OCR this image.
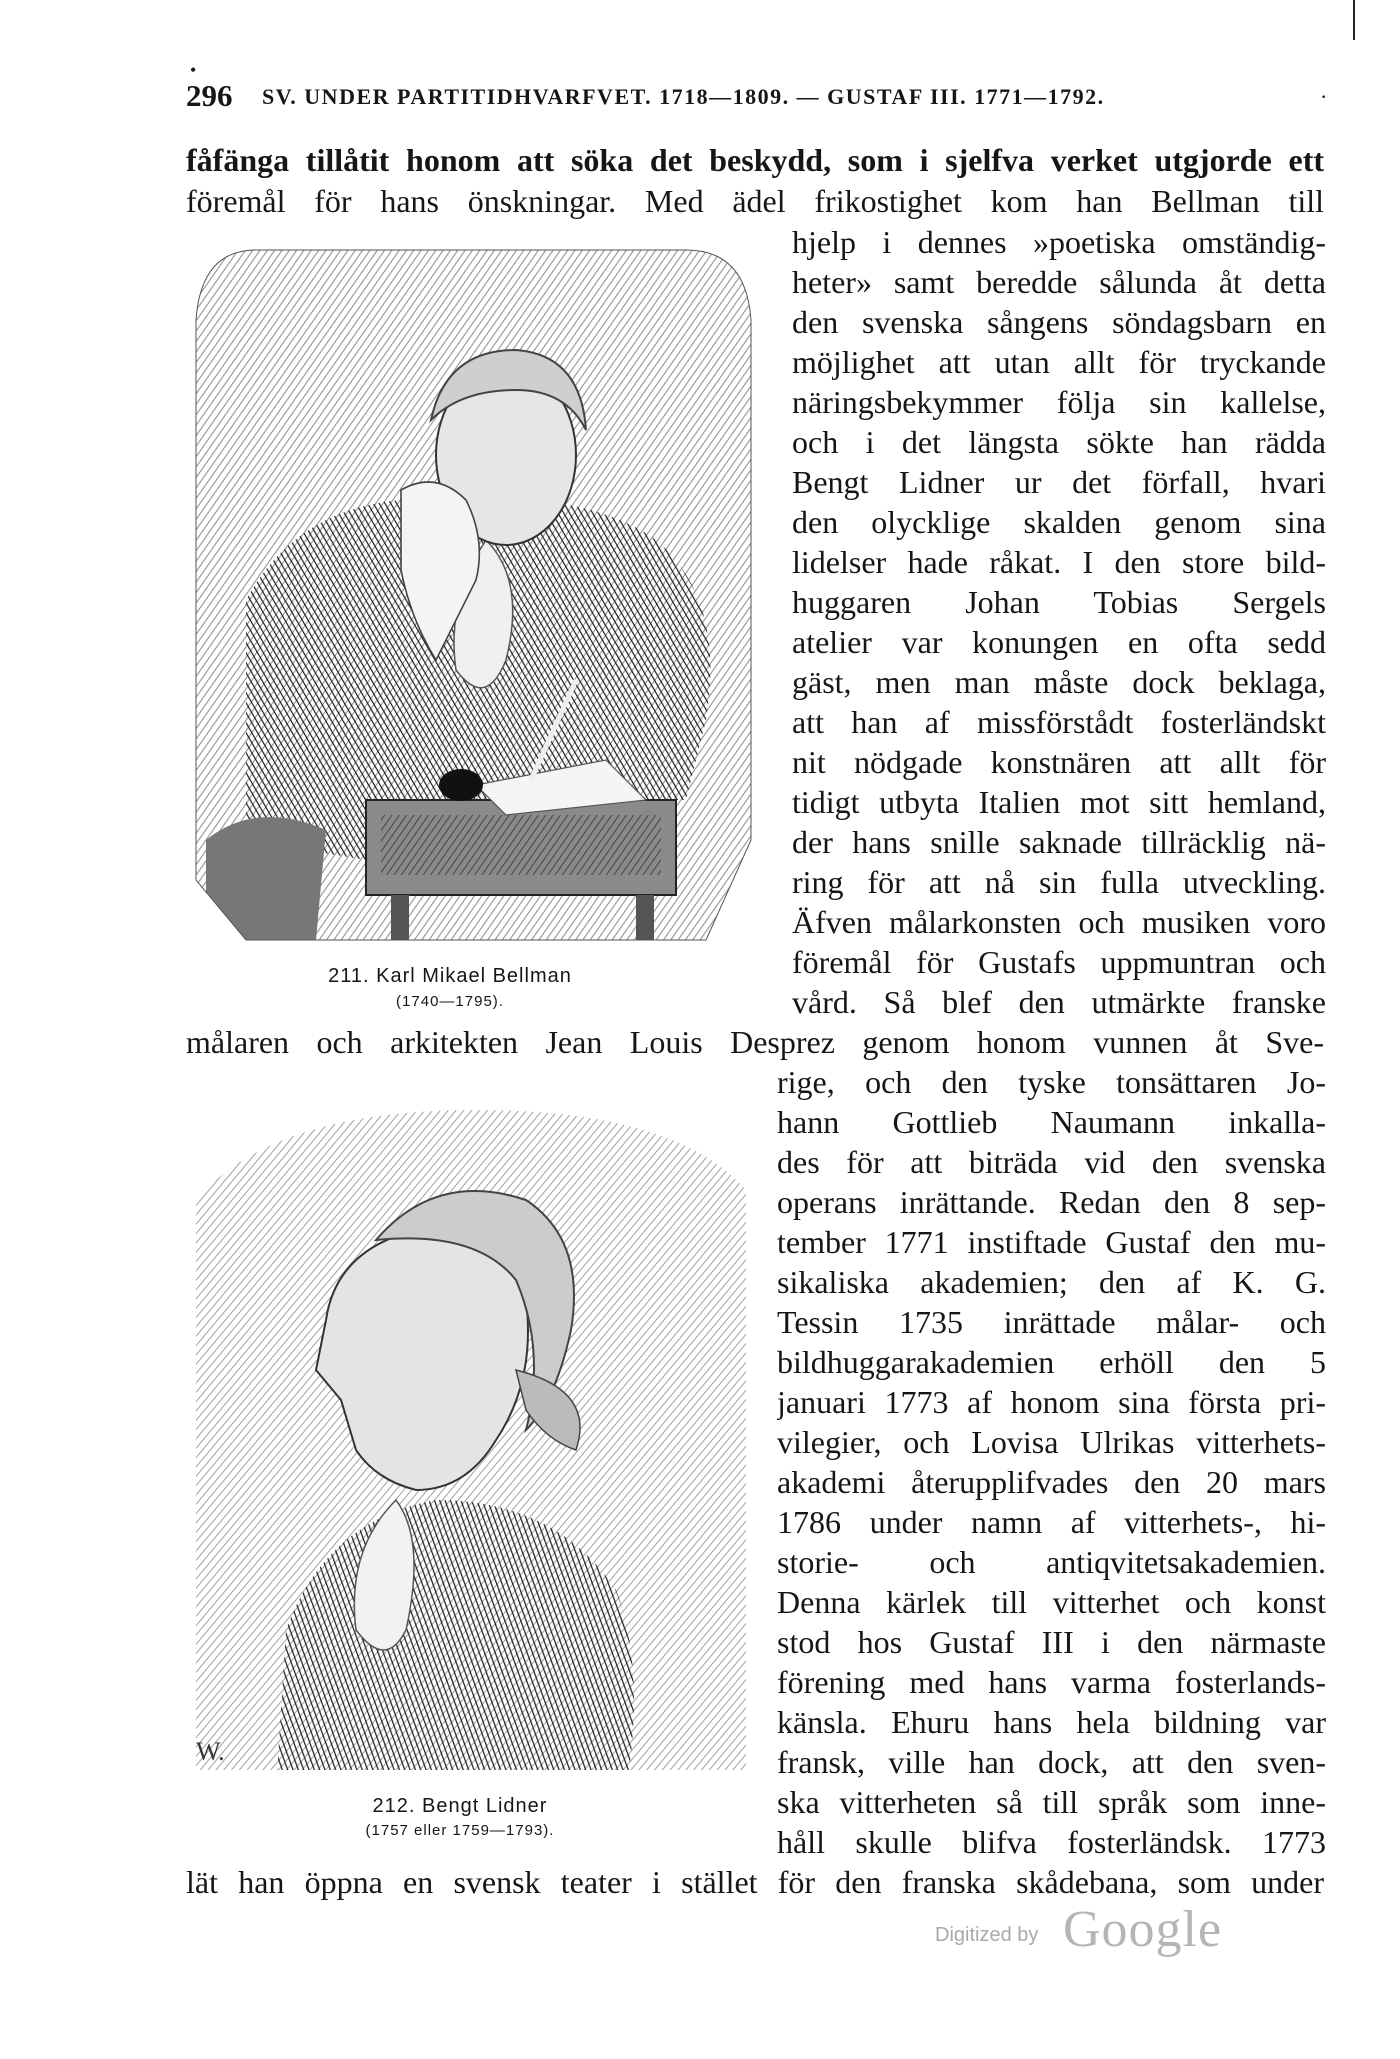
•
296 SV. UNDER PARTITIDHVARFVET. 1718—1809. — GUSTAF III. 1771—1792.	·
fåfänga tillåtit honom att söka det beskydd, som i sjelfva verket utgjorde ett
föremål för hans önskningar. Med ädel frikostighet kom han Bellman till
hjelp i dennes »poetiska omständig-
heter» samt beredde sålunda åt detta
den svenska sångens söndagsbarn en
möjlighet att utan allt för tryckande
näringsbekymmer följa sin kallelse,
och i det längsta sökte han rädda
Bengt Lidner ur det förfall, hvari
den olycklige skalden genom sina
lidelser hade råkat. I den store bild-
huggaren Johan Tobias Sergels
atelier var konungen en ofta sedd
gäst, men man måste dock beklaga,
att han af missförstådt fosterländskt
nit nödgade konstnären att allt för
tidigt utbyta Italien mot sitt hemland,
der hans snille saknade tillräcklig nä-
ring för att nå sin fulla utveckling.
Äfven målarkonsten och musiken voro
föremål för Gustafs uppmuntran och
vård. Så blef den utmärkte franske
målaren och arkitekten Jean Louis Desprez genom honom vunnen åt Sve-
rige, och den tyske tonsättaren Jo-
hann Gottlieb Naumann inkalla-
des för att biträda vid den svenska
operans inrättande. Redan den 8 sep-
tember 1771 instiftade Gustaf den mu-
sikaliska akademien; den af K. G.
Tessin 1735 inrättade målar- och
bildhuggarakademien erhöll den 5
januari 1773 af honom sina första pri-
vilegier, och Lovisa Ulrikas vitterhets-
akademi återupplifvades den 20 mars
1786 under namn af vitterhets-, hi-
storie- och antiqvitetsakademien.
Denna kärlek till vitterhet och konst
stod hos Gustaf III i den närmaste
förening med hans varma fosterlands-
känsla. Ehuru hans hela bildning var
fransk, ville han dock, att den sven-
ska vitterheten så till språk som inne-
håll skulle blifva fosterländsk. 1773
lät han öppna en svensk teater i stället för den franska skådebana, som under
211. Karl Mikael Bellman
(1740—1795).
W.
212. Bengt Lidner
(1757 eller 1759—1793).
Digitized by Google
